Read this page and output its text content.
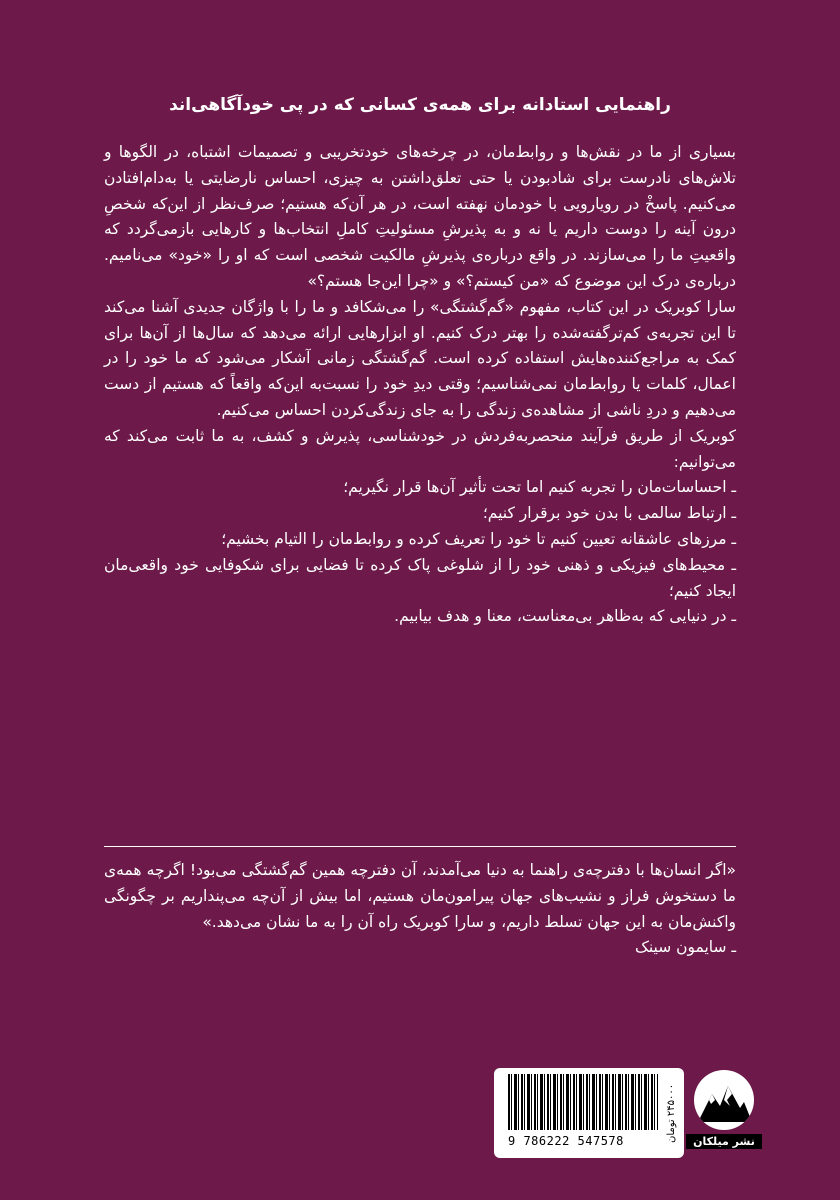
راهنمایی استادانه برای همه‌ی کسانی که در پی خودآگاهی‌اند

بسیاری از ما در نقش‌ها و روابط‌مان، در چرخه‌های خودتخریبی و تصمیمات اشتباه، در الگوها و تلاش‌های نادرست برای شادبودن یا حتی تعلق‌داشتن به چیزی، احساس نارضایتی یا به‌دام‌افتادن می‌کنیم. پاسخْ در رویارویی با خودمان نهفته است، در هر آن‌که هستیم؛ صرف‌نظر از این‌که شخصِ درون آینه را دوست داریم یا نه و به پذیرشِ مسئولیتِ کاملِ انتخاب‌ها و کارهایی بازمی‌گردد که واقعیتِ ما را می‌سازند. در واقع درباره‌ی پذیرشِ مالکیت شخصی است که او را «خود» می‌نامیم. درباره‌ی درک این موضوع که «من کیستم؟» و «چرا این‌جا هستم؟»

سارا کوبریک در این کتاب، مفهوم «گم‌گشتگی» را می‌شکافد و ما را با واژگان جدیدی آشنا می‌کند تا این تجربه‌ی کم‌ترگفته‌شده را بهتر درک کنیم. او ابزارهایی ارائه می‌دهد که سال‌ها از آن‌ها برای کمک به مراجع‌کننده‌هایش استفاده کرده است. گم‌گشتگی زمانی آشکار می‌شود که ما خود را در اعمال، کلمات یا روابط‌مان نمی‌شناسیم؛ وقتی دیدِ خود را نسبت‌به این‌که واقعاً که هستیم از دست می‌دهیم و دردِ ناشی از مشاهده‌ی زندگی را به جای زندگی‌کردن احساس می‌کنیم.

کوبریک از طریق فرآیند منحصربه‌فردش در خودشناسی، پذیرش و کشف، به ما ثابت می‌کند که می‌توانیم:

ـ احساسات‌مان را تجربه کنیم اما تحت تأثیر آن‌ها قرار نگیریم؛
ـ ارتباط سالمی با بدن خود برقرار کنیم؛
ـ مرزهای عاشقانه تعیین کنیم تا خود را تعریف کرده و روابط‌مان را التیام بخشیم؛
ـ محیط‌های فیزیکی و ذهنی خود را از شلوغی پاک کرده تا فضایی برای شکوفایی خود واقعی‌مان ایجاد کنیم؛
ـ در دنیایی که به‌ظاهر بی‌معناست، معنا و هدف بیابیم.

«اگر انسان‌ها با دفترچه‌ی راهنما به دنیا می‌آمدند، آن دفترچه همین گم‌گشتگی می‌بود! اگرچه همه‌ی ما دستخوش فراز و نشیب‌های جهان پیرامون‌مان هستیم، اما بیش از آن‌چه می‌پنداریم بر چگونگی واکنش‌مان به این جهان تسلط داریم، و سارا کوبریک راه آن را به ما نشان می‌دهد.»

ـ سایمون سینک

9 786222 547578	۲۴۵۰۰۰ تومان
نشر میلکان
